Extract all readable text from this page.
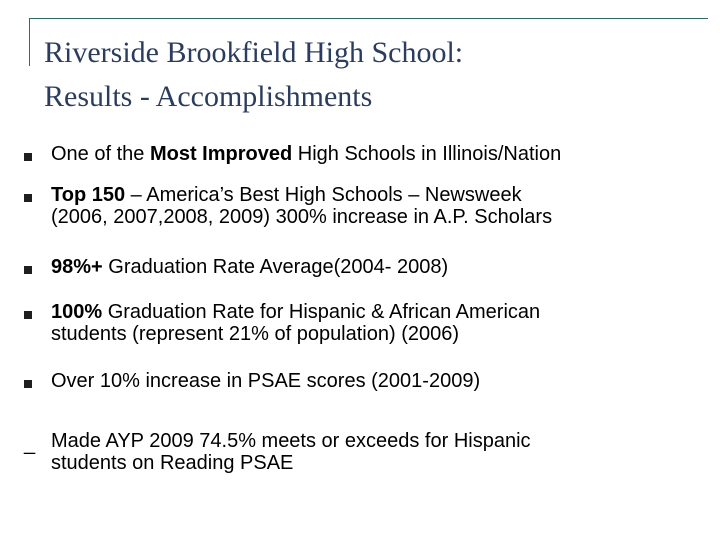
Riverside Brookfield High School:
Results - Accomplishments
One of the Most Improved High Schools in Illinois/Nation
Top 150 – America’s Best High Schools – Newsweek
(2006, 2007,2008, 2009) 300% increase in A.P. Scholars
98%+ Graduation Rate Average(2004- 2008)
100% Graduation Rate for Hispanic & African American
students (represent 21% of population) (2006)
Over 10% increase in PSAE scores (2001-2009)
_ Made AYP 2009 74.5% meets or exceeds for Hispanic
students on Reading PSAE
